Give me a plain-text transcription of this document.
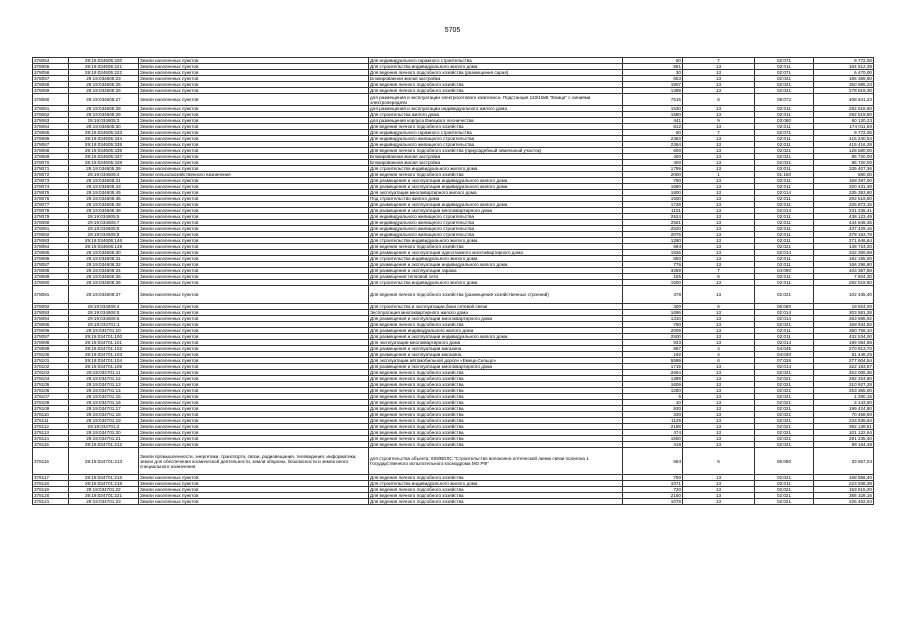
5705
378054	29:19:034605:220	Земли населенных пунктов	Для индивидуального гаражного строительства	60	7	02:071	9 772,06
378055	29:19:034605:221	Земли населенных пунктов	Для строительства индивидуального жилого дома	861	13	02:011	164 512,39
378056	29:19:034605:222	Земли населенных пунктов	Для ведения личного подсобного хозяйства (размещения сарая)	30	13	02:071	6 470,00
378057	29:19:034605:23	Земли населенных пунктов	Блокированная жилая застройка	653	13	02:031	165 369,60
378058	29:19:034605:25	Земли населенных пунктов	Для ведения личного подсобного хозяйства	1907	13	02:021	350 985,23
378059	29:19:034605:26	Земли населенных пунктов	Для ведения личного подсобного хозяйства	1399	13	02:021	278 819,30
378060	29:19:034605:27	Земли населенных пунктов	для размещения и эксплуатации электросетевого комплекса- Подстанция 110/10кВ "Емица" с линиями электропередачи	7515	6	08:072	408 641,23
378061	29:19:034605:28	Земли населенных пунктов	для размещения и эксплуатации индивидуального жилого дома	1530	13	02:011	292 518,60
378062	29:19:034605:29	Земли населенных пунктов	Для строительства жилого дома	1580	13	02:011	292 519,50
378063	29:19:034605:3	Земли населенных пунктов	для размещения корпуса Емецкого лесничества	441	9	03:080	60 120,23
378064	29:19:034605:30	Земли населенных пунктов	Для ведения личного подсобного хозяйства	812	13	02:011	174 011,60
378065	29:19:034605:333	Земли населенных пунктов	Для индивидуального гаражного строительства	60	7	02:071	9 772,06
378066	29:19:034605:334	Земли населенных пунктов	Для индивидуального жилищного строительства	2363	13	02:011	415 240,54
378067	29:19:034605:335	Земли населенных пунктов	Для индивидуального жилищного строительства	2364	13	02:011	415 416,28
378068	29:19:034605:336	Земли населенных пунктов	Для ведения личного подсобного хозяйства (приусадебный земельный участок)	600	13	02:021	128 580,00
378069	29:19:034605:337	Земли населенных пунктов	Блокированная жилая застройка	400	13	02:031	85 720,00
378070	29:19:034605:338	Земли населенных пунктов	Блокированная жилая застройка	400	13	02:031	85 720,00
378071	29:19:034605:39	Земли населенных пунктов	Для строительства индивидуального жилого дома	1799	13	02:011	335 407,36
378072	29:19:034605:4	Земли сельскохозяйственного назначения	Для ведения личного подсобного хозяйства	2000	1	01:160	580,00
378073	29:19:034605:41	Земли населенных пунктов	Для размещения и эксплуатации индивидуального жилого дома	790	13	02:011	169 297,00
378074	29:19:034605:43	Земли населенных пунктов	Для размещения и эксплуатации индивидуального жилого дома	1680	13	02:011	320 431,38
378075	29:19:034605:45	Земли населенных пунктов	Для эксплуатации многоквартирного жилого дома	1800	13	02:014	335 353,80
378076	29:19:034605:46	Земли населенных пунктов	Под строительство жилого дома	1500	13	02:011	292 519,50
378077	29:19:034605:48	Земли населенных пунктов	Для размещения и эксплуатации индивидуального жилого дома	1728	13	02:011	325 873,15
378078	29:19:034605:49	Земли населенных пунктов	Для размещения и эксплуатации многоквартирного дома	1101	13	02:014	231 235,41
378079	29:19:034605:5	Земли населенных пунктов	Для индивидуального жилищного строительства	2524	13	02:011	438 123,49
378080	29:19:034605:7	Земли населенных пунктов	Для индивидуального жилищного строительства	2561	13	02:011	444 646,36
378081	29:19:034605:8	Земли населенных пунктов	Для индивидуального жилищного строительства	2520	13	02:011	437 429,16
378082	29:19:034605:9	Земли населенных пунктов	Для индивидуального жилищного строительства	2076	13	02:011	378 153,78
378083	29:19:034606:146	Земли населенных пунктов	Для строительства индивидуального жилого дома	1260	13	02:011	271 646,64
378084	29:19:034606:149	Земли населенных пунктов	Для ведения личного подсобного хозяйства	694	13	02:021	148 724,20
378085	29:19:034606:30	Земли населенных пунктов	Для размещения и эксплуатации одноэтажного многоквартирного дома	1836	13	02:014	342 355,68
378086	29:19:034606:31	Земли населенных пунктов	Для строительства индивидуального жилого дома	850	13	02:011	182 155,00
378087	29:19:034606:32	Земли населенных пунктов	Для размещения и эксплуатации индивидуального жилого дома	776	13	02:011	166 296,80
378088	29:19:034606:34	Земли населенных пунктов	Для размещения и эксплуатации гаража	3259	7	04:090	403 387,98
378089	29:19:034606:35	Земли населенных пунктов	Для размещения тепловой сети	155	6	02:011	7 604,30
378090	29:19:034606:36	Земли населенных пунктов	Для строительства индивидуального жилого дома	1500	13	02:011	292 519,50
378091	29:19:034606:37	Земли населенных пунктов	Для ведения личного подсобного хозяйства (размещения хозяйственных строений)	478	13	02:021	102 435,40
378092	29:19:034606:4	Земли населенных пунктов	Для строительства и эксплуатации бани сетевой связи	400	6	06:080	19 924,00
378093	29:19:034606:5	Земли населенных пунктов	Эксплуатация многоквартирного жилого дома	1696	13	02:014	303 581,38
378094	29:19:034606:6	Земли населенных пунктов	Для размещения и эксплуатации многоквартирного дома	1310	13	02:014	263 665,92
378095	29:19:034701:1	Земли населенных пунктов	Для ведения личного подсобного хозяйства	790	13	02:021	169 934,50
378096	29:19:034701:10	Земли населенных пунктов	Для размещения индивидуального жилого дома	2009	13	02:011	360 766,10
378097	29:19:034701:100	Земли населенных пунктов	Для размещения и эксплуатации индивидуального жилого дома	2500	13	02:011	432 534,00
378098	29:19:034701:101	Земли населенных пунктов	Для эксплуатации многоквартирного дома	933	13	02:014	199 084,88
378099	29:19:034701:102	Земли населенных пунктов	Для размещения и эксплуатации магазина	887	4	04:045	270 813,70
378100	29:19:034701:103	Земли населенных пунктов	Для размещения и эксплуатации магазина	192	4	04:040	61 448,25
378101	29:19:034701:104	Земли населенных пунктов	Для эксплуатации автомобильной дороги «Емецк-Сельцо»	5599	6	07:026	277 604,54
378102	29:19:034701:105	Земли населенных пунктов	Для размещения и эксплуатации многоквартирного дома	1715	13	02:014	322 193,87
378103	29:19:034701:11	Земли населенных пунктов	Для ведения личного подсобного хозяйства	2664	13	02:021	453 005,36
378104	29:19:034701:12	Земли населенных пунктов	Для ведения личного подсобного хозяйства	1398	13	02:021	292 324,80
378105	29:19:034701:13	Земли населенных пунктов	Для ведения личного подсобного хозяйства	1609	13	02:021	310 927,28
378106	29:19:034701:14	Земли населенных пунктов	Для ведения личного подсобного хозяйства	1250	13	02:021	253 365,00
378107	29:19:034701:15	Земли населенных пунктов	Для ведения личного подсобного хозяйства	6	13	02:021	1 290,16
378108	29:19:034701:16	Земли населенных пунктов	Для ведения личного подсобного хозяйства	10	13	02:021	2 143,60
378109	29:19:034701:17	Земли населенных пунктов	Для ведения личного подсобного хозяйства	930	13	02:021	199 424,80
378110	29:19:034701:18	Земли населенных пунктов	Для ведения личного подсобного хозяйства	330	13	02:021	70 458,90
378111	29:19:034701:19	Земли населенных пунктов	Для ведения личного подсобного хозяйства	1129	13	02:021	233 636,94
378112	29:19:034701:2	Земли населенных пунктов	Для ведения личного подсобного хозяйства	2188	13	02:021	392 138,61
378113	29:19:034701:20	Земли населенных пунктов	Для ведения личного подсобного хозяйства	474	13	02:021	101 132,64
378114	29:19:034701:21	Земли населенных пунктов	Для ведения личного подсобного хозяйства	1500	13	02:021	291 235,40
378115	29:19:034701:212	Земли населенных пунктов	Для ведения личного подсобного хозяйства	418	13	02:021	89 164,48
378116	29:19:034701:213	Земли промышленности, энергетики, транспорта, связи, радиовещания, телевидения, информатики, земли для обеспечения космической деятельности, земли обороны, безопасности и земли иного специального назначения	для строительства объекта: 609/ВОЛС "Строительство волоконно-оптической линии связи полигона 1 Государственного испытательного космодрома МО РФ"	684	6	06:080	33 657,04
378117	29:19:034701:215	Земли населенных пунктов	Для ведения личного подсобного хозяйства	790	13	02:021	168 556,40
378118	29:19:034701:218	Земли населенных пунктов	Для строительства индивидуального жилого дома	1071	13	02:011	223 938,39
378119	29:19:034701:22	Земли населенных пунктов	Для ведения личного подсобного хозяйства	720	13	02:021	153 615,20
378120	29:19:034701:221	Земли населенных пунктов	Для ведения личного подсобного хозяйства	2150	13	02:021	386 328,16
378121	29:19:034701:23	Земли населенных пунктов	Для ведения личного подсобного хозяйства	1078	13	02:021	225 462,04
